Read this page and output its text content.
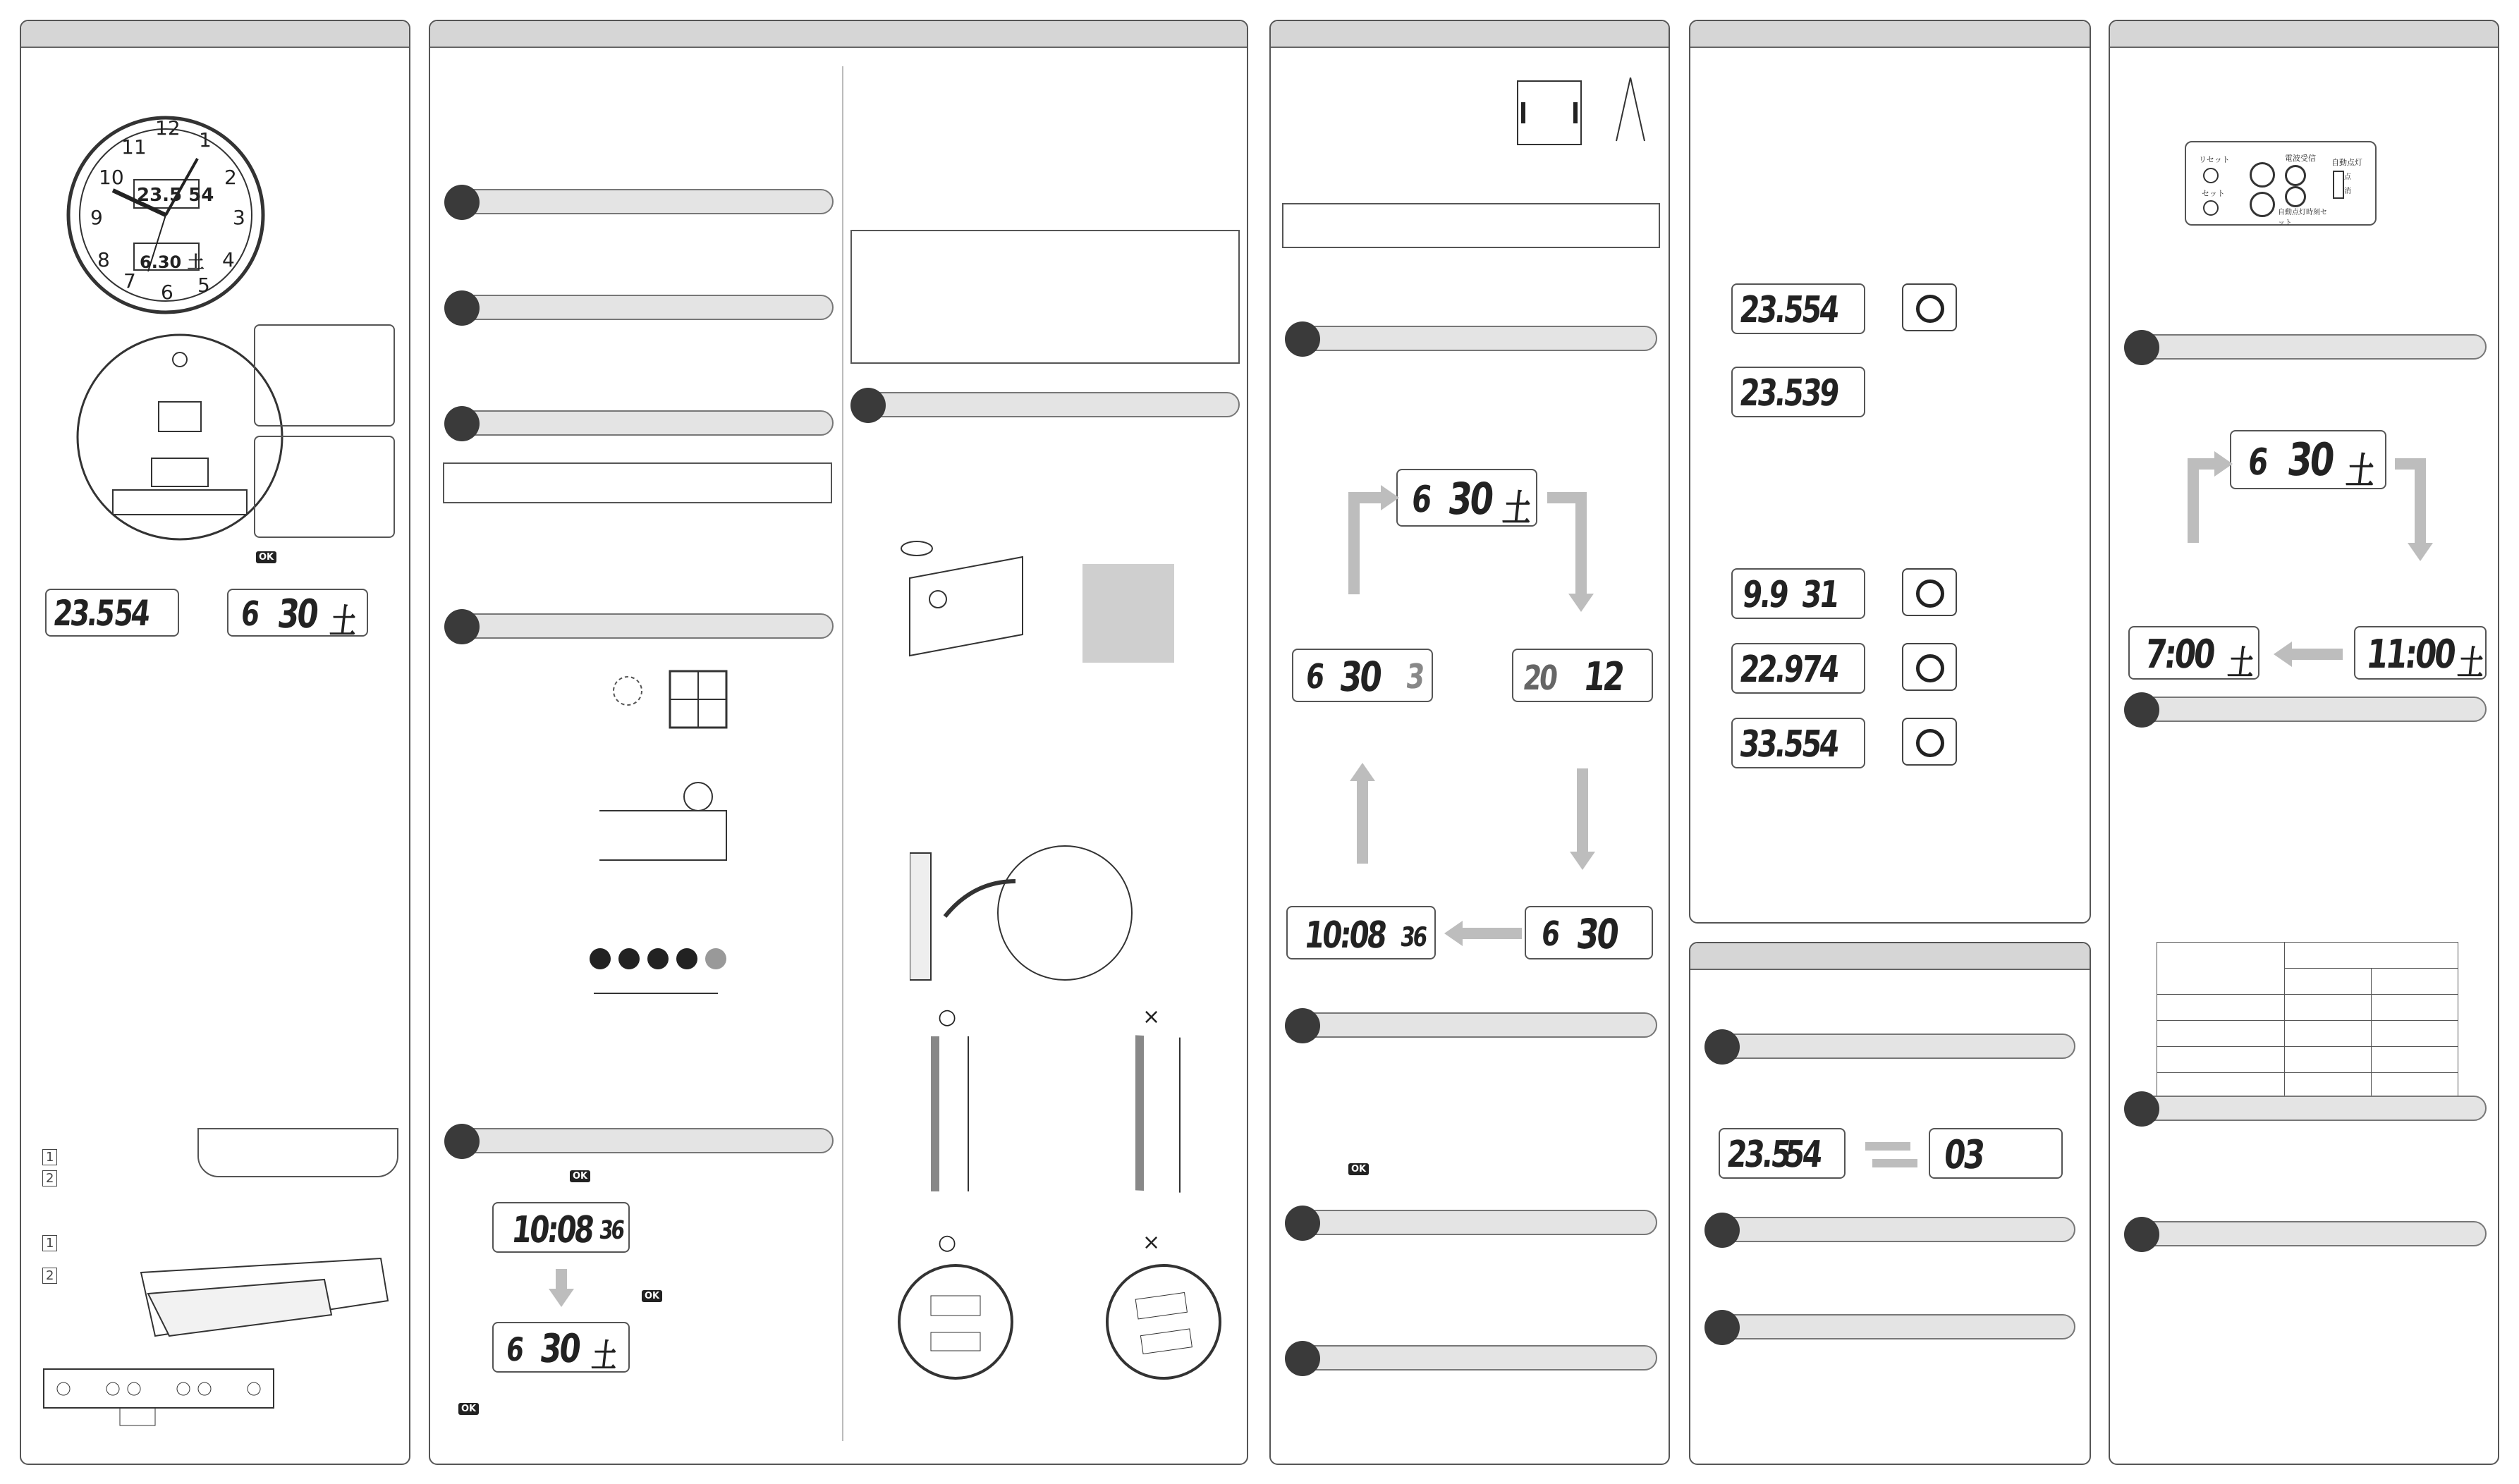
12
1
2
3
4
5
6
7
8
9
10
11
23.5 54
6.30 土
23.5
54
OK
6 30 土
1
2
1
2

OK
10:08 36
OK
6 30 土
OK
○	×
○	×
6 30 土
6 30 3	20 12
10:08 36	6 30
OK
23.5
54
23.5
39
9.9 31
22.9
74
33.5
54
23.5
54	03
リセット
セット
電波受信
自動点灯時刻セット
自動点灯
点
消
6 30 土
7:00 土	11:00 土
